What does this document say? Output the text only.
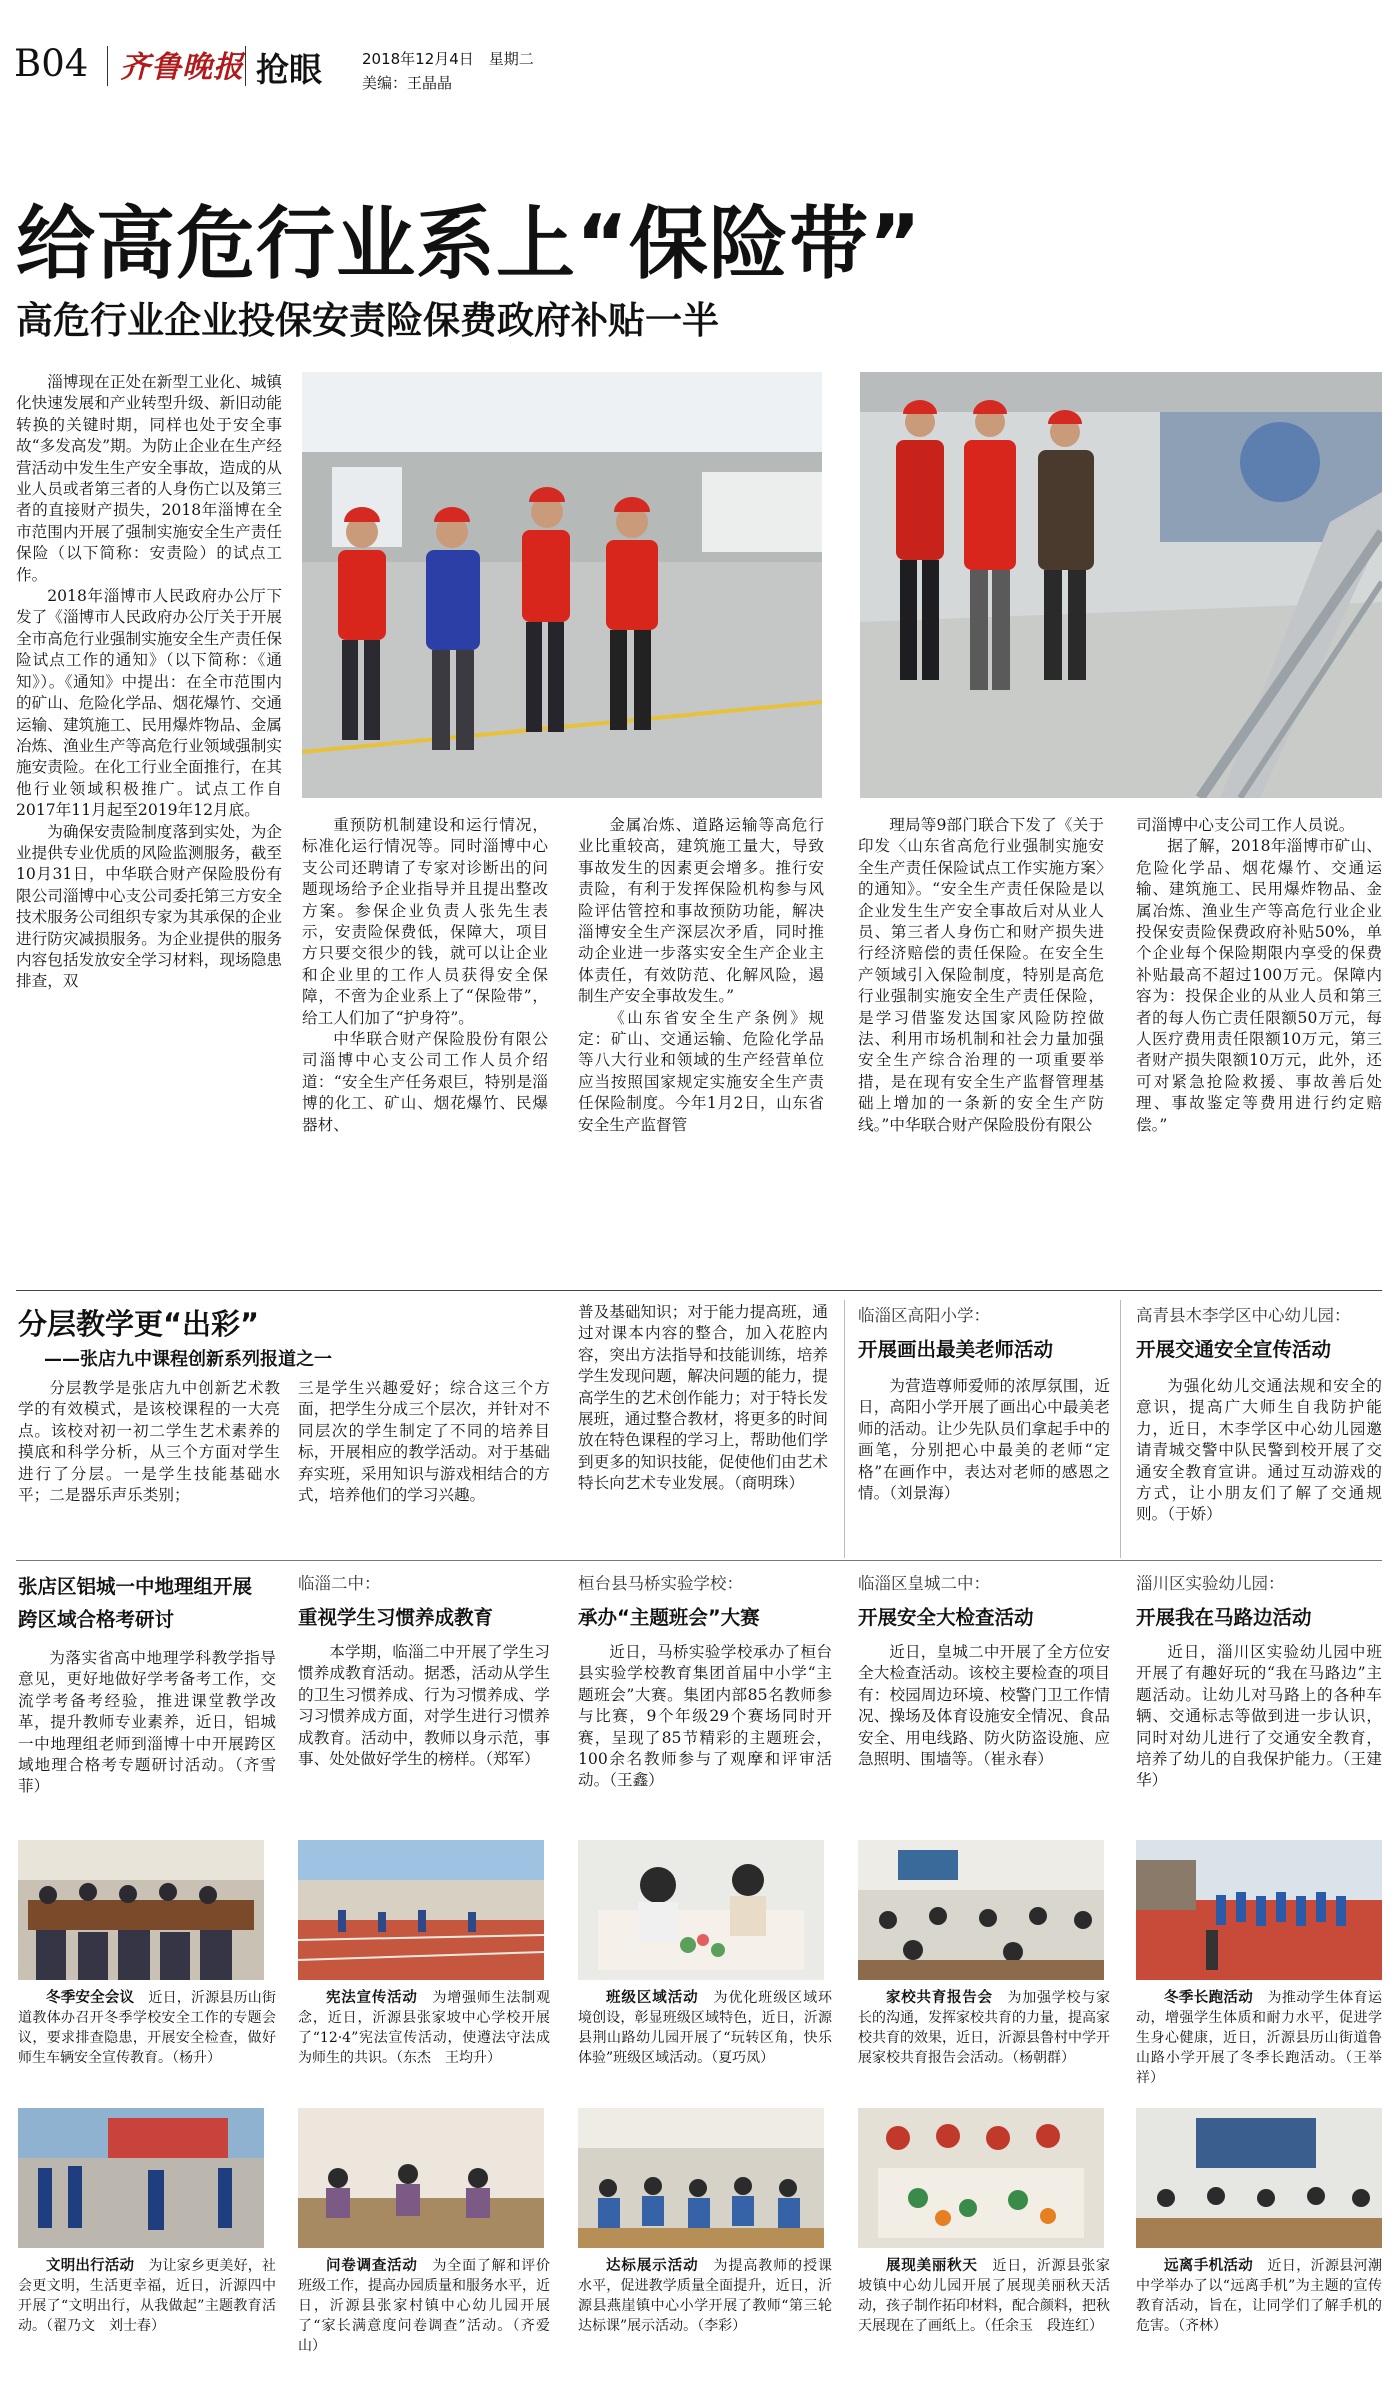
B04 齐鲁晚报 抢眼	2018年12月4日　星期二
美编：王晶晶
给高危行业系上“保险带”
高危行业企业投保安责险保费政府补贴一半

淄博现在正处在新型工业化、城镇化快速发展和产业转型升级、新旧动能转换的关键时期，同样也处于安全事故“多发高发”期。为防止企业在生产经营活动中发生生产安全事故，造成的从业人员或者第三者的人身伤亡以及第三者的直接财产损失，2018年淄博在全市范围内开展了强制实施安全生产责任保险（以下简称：安责险）的试点工作。

2018年淄博市人民政府办公厅下发了《淄博市人民政府办公厅关于开展全市高危行业强制实施安全生产责任保险试点工作的通知》（以下简称：《通知》）。《通知》中提出：在全市范围内的矿山、危险化学品、烟花爆竹、交通运输、建筑施工、民用爆炸物品、金属冶炼、渔业生产等高危行业领域强制实施安责险。在化工行业全面推行，在其他行业领域积极推广。试点工作自2017年11月起至2019年12月底。

为确保安责险制度落到实处，为企业提供专业优质的风险监测服务，截至10月31日，中华联合财产保险股份有限公司淄博中心支公司委托第三方安全技术服务公司组织专家为其承保的企业进行防灾减损服务。为企业提供的服务内容包括发放安全学习材料，现场隐患排查，双

重预防机制建设和运行情况，标准化运行情况等。同时淄博中心支公司还聘请了专家对诊断出的问题现场给予企业指导并且提出整改方案。参保企业负责人张先生表示，安责险保费低，保障大，项目方只要交很少的钱，就可以让企业和企业里的工作人员获得安全保障，不啻为企业系上了“保险带”，给工人们加了“护身符”。

中华联合财产保险股份有限公司淄博中心支公司工作人员介绍道：“安全生产任务艰巨，特别是淄博的化工、矿山、烟花爆竹、民爆器材、

金属冶炼、道路运输等高危行业比重较高，建筑施工量大，导致事故发生的因素更会增多。推行安责险，有利于发挥保险机构参与风险评估管控和事故预防功能，解决淄博安全生产深层次矛盾，同时推动企业进一步落实安全生产企业主体责任，有效防范、化解风险，遏制生产安全事故发生。”

《山东省安全生产条例》规定：矿山、交通运输、危险化学品等八大行业和领域的生产经营单位应当按照国家规定实施安全生产责任保险制度。今年1月2日，山东省安全生产监督管

理局等9部门联合下发了《关于印发〈山东省高危行业强制实施安全生产责任保险试点工作实施方案〉的通知》。“安全生产责任保险是以企业发生生产安全事故后对从业人员、第三者人身伤亡和财产损失进行经济赔偿的责任保险。在安全生产领域引入保险制度，特别是高危行业强制实施安全生产责任保险，是学习借鉴发达国家风险防控做法、利用市场机制和社会力量加强安全生产综合治理的一项重要举措，是在现有安全生产监督管理基础上增加的一条新的安全生产防线。”中华联合财产保险股份有限公

司淄博中心支公司工作人员说。

据了解，2018年淄博市矿山、危险化学品、烟花爆竹、交通运输、建筑施工、民用爆炸物品、金属冶炼、渔业生产等高危行业企业投保安责险保费政府补贴50%，单个企业每个保险期限内享受的保费补贴最高不超过100万元。保障内容为：投保企业的从业人员和第三者的每人伤亡责任限额50万元，每人医疗费用责任限额10万元，第三者财产损失限额10万元，此外，还可对紧急抢险救援、事故善后处理、事故鉴定等费用进行约定赔偿。”

分层教学更“出彩”
——张店九中课程创新系列报道之一

分层教学是张店九中创新艺术教学的有效模式，是该校课程的一大亮点。该校对初一初二学生艺术素养的摸底和科学分析，从三个方面对学生进行了分层。一是学生技能基础水平；二是器乐声乐类别；

三是学生兴趣爱好；综合这三个方面，把学生分成三个层次，并针对不同层次的学生制定了不同的培养目标，开展相应的教学活动。对于基础弃实班，采用知识与游戏相结合的方式，培养他们的学习兴趣。

普及基础知识；对于能力提高班，通过对课本内容的整合，加入花腔内容，突出方法指导和技能训练，培养学生发现问题，解决问题的能力，提高学生的艺术创作能力；对于特长发展班，通过整合教材，将更多的时间放在特色课程的学习上，帮助他们学到更多的知识技能，促使他们由艺术特长向艺术专业发展。（商明珠）

临淄区高阳小学：
开展画出最美老师活动

为营造尊师爱师的浓厚氛围，近日，高阳小学开展了画出心中最美老师的活动。让少先队员们拿起手中的画笔，分别把心中最美的老师“定格”在画作中，表达对老师的感恩之情。（刘景海）

高青县木李学区中心幼儿园：
开展交通安全宣传活动

为强化幼儿交通法规和安全的意识，提高广大师生自我防护能力，近日，木李学区中心幼儿园邀请青城交警中队民警到校开展了交通安全教育宣讲。通过互动游戏的方式，让小朋友们了解了交通规则。（于娇）

张店区铝城一中地理组开展跨区域合格考研讨

为落实省高中地理学科教学指导意见，更好地做好学考备考工作，交流学考备考经验，推进课堂教学改革，提升教师专业素养，近日，铝城一中地理组老师到淄博十中开展跨区域地理合格考专题研讨活动。（齐雪菲）

临淄二中：
重视学生习惯养成教育

本学期，临淄二中开展了学生习惯养成教育活动。据悉，活动从学生的卫生习惯养成、行为习惯养成、学习习惯养成方面，对学生进行习惯养成教育。活动中，教师以身示范，事事、处处做好学生的榜样。（郑军）

桓台县马桥实验学校：
承办“主题班会”大赛

近日，马桥实验学校承办了桓台县实验学校教育集团首届中小学“主题班会”大赛。集团内部85名教师参与比赛，9个年级29个赛场同时开赛，呈现了85节精彩的主题班会，100余名教师参与了观摩和评审活动。（王鑫）

临淄区皇城二中：
开展安全大检查活动

近日，皇城二中开展了全方位安全大检查活动。该校主要检查的项目有：校园周边环境、校警门卫工作情况、操场及体育设施安全情况、食品安全、用电线路、防火防盗设施、应急照明、围墙等。（崔永春）

淄川区实验幼儿园：
开展我在马路边活动

近日，淄川区实验幼儿园中班开展了有趣好玩的“我在马路边”主题活动。让幼儿对马路上的各种车辆、交通标志等做到进一步认识，同时对幼儿进行了交通安全教育，培养了幼儿的自我保护能力。（王建华）

冬季安全会议　 近日，沂源县历山街道教体办召开冬季学校安全工作的专题会议，要求排查隐患，开展安全检查，做好师生车辆安全宣传教育。（杨升）
宪法宣传活动　 为增强师生法制观念，近日，沂源县张家坡中心学校开展了“12·4”宪法宣传活动，使遵法守法成为师生的共识。（东杰　王均升）
班级区域活动　 为优化班级区域环境创设，彰显班级区域特色，近日，沂源县荆山路幼儿园开展了“玩转区角，快乐体验”班级区域活动。（夏巧凤）
家校共育报告会　 为加强学校与家长的沟通，发挥家校共育的力量，提高家校共育的效果，近日，沂源县鲁村中学开展家校共育报告会活动。（杨朝群）
冬季长跑活动　 为推动学生体育运动，增强学生体质和耐力水平，促进学生身心健康，近日，沂源县历山街道鲁山路小学开展了冬季长跑活动。（王举祥）
文明出行活动　 为让家乡更美好，社会更文明，生活更幸福，近日，沂源四中开展了“文明出行，从我做起”主题教育活动。（翟乃文　刘士春）
问卷调查活动　 为全面了解和评价班级工作，提高办园质量和服务水平，近日，沂源县张家村镇中心幼儿园开展了“家长满意度问卷调查”活动。（齐爱山）
达标展示活动　 为提高教师的授课水平，促进教学质量全面提升，近日，沂源县燕崖镇中心小学开展了教师“第三轮达标课”展示活动。（李彩）
展现美丽秋天　 近日，沂源县张家坡镇中心幼儿园开展了展现美丽秋天活动，孩子制作拓印材料，配合颜料，把秋天展现在了画纸上。（任余玉　段连红）
远离手机活动　 近日，沂源县河潮中学举办了以“远离手机”为主题的宣传教育活动，旨在，让同学们了解手机的危害。（齐林）
